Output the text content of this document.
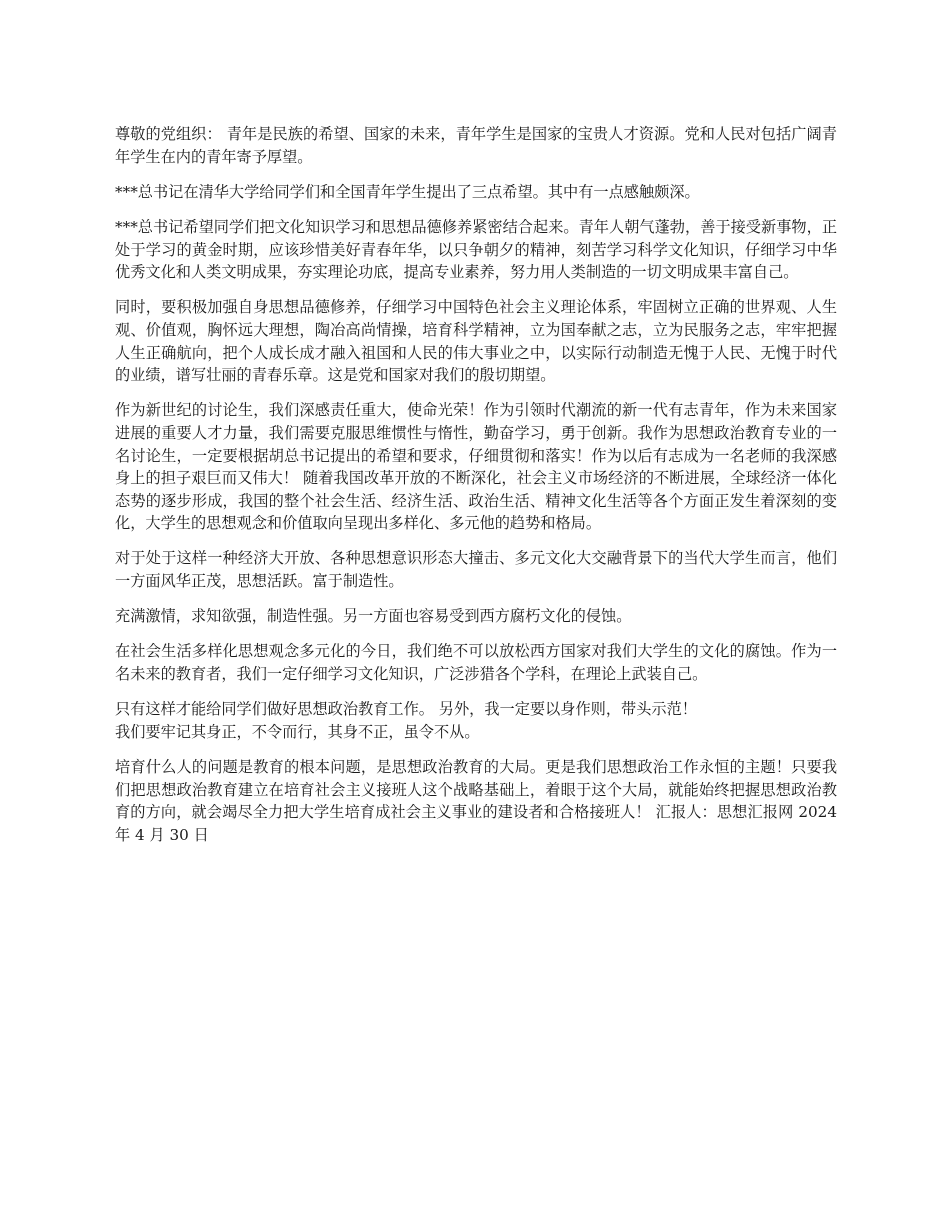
尊敬的党组织： 青年是民族的希望、国家的未来，青年学生是国家的宝贵人才资源。党和人民对包括广阔青年学生在内的青年寄予厚望。

***总书记在清华大学给同学们和全国青年学生提出了三点希望。其中有一点感触颇深。

***总书记希望同学们把文化知识学习和思想品德修养紧密结合起来。青年人朝气蓬勃，善于接受新事物，正处于学习的黄金时期，应该珍惜美好青春年华，以只争朝夕的精神，刻苦学习科学文化知识，仔细学习中华优秀文化和人类文明成果，夯实理论功底，提高专业素养，努力用人类制造的一切文明成果丰富自己。

同时，要积极加强自身思想品德修养，仔细学习中国特色社会主义理论体系，牢固树立正确的世界观、人生观、价值观，胸怀远大理想，陶冶高尚情操，培育科学精神，立为国奉献之志，立为民服务之志，牢牢把握人生正确航向，把个人成长成才融入祖国和人民的伟大事业之中，以实际行动制造无愧于人民、无愧于时代的业绩，谱写壮丽的青春乐章。这是党和国家对我们的殷切期望。

作为新世纪的讨论生，我们深感责任重大，使命光荣！作为引领时代潮流的新一代有志青年，作为未来国家进展的重要人才力量，我们需要克服思维惯性与惰性，勤奋学习，勇于创新。我作为思想政治教育专业的一名讨论生，一定要根据胡总书记提出的希望和要求，仔细贯彻和落实！作为以后有志成为一名老师的我深感身上的担子艰巨而又伟大！ 随着我国改革开放的不断深化，社会主义市场经济的不断进展，全球经济一体化态势的逐步形成，我国的整个社会生活、经济生活、政治生活、精神文化生活等各个方面正发生着深刻的变化，大学生的思想观念和价值取向呈现出多样化、多元他的趋势和格局。

对于处于这样一种经济大开放、各种思想意识形态大撞击、多元文化大交融背景下的当代大学生而言，他们一方面风华正茂，思想活跃。富于制造性。

充满激情，求知欲强，制造性强。另一方面也容易受到西方腐朽文化的侵蚀。

在社会生活多样化思想观念多元化的今日，我们绝不可以放松西方国家对我们大学生的文化的腐蚀。作为一名未来的教育者，我们一定仔细学习文化知识，广泛涉猎各个学科，在理论上武装自己。

只有这样才能给同学们做好思想政治教育工作。 另外，我一定要以身作则，带头示范！
我们要牢记其身正，不令而行，其身不正，虽令不从。

培育什么人的问题是教育的根本问题，是思想政治教育的大局。更是我们思想政治工作永恒的主题！只要我们把思想政治教育建立在培育社会主义接班人这个战略基础上，着眼于这个大局，就能始终把握思想政治教育的方向，就会竭尽全力把大学生培育成社会主义事业的建设者和合格接班人！ 汇报人：思想汇报网 2024 年 4 月 30 日
